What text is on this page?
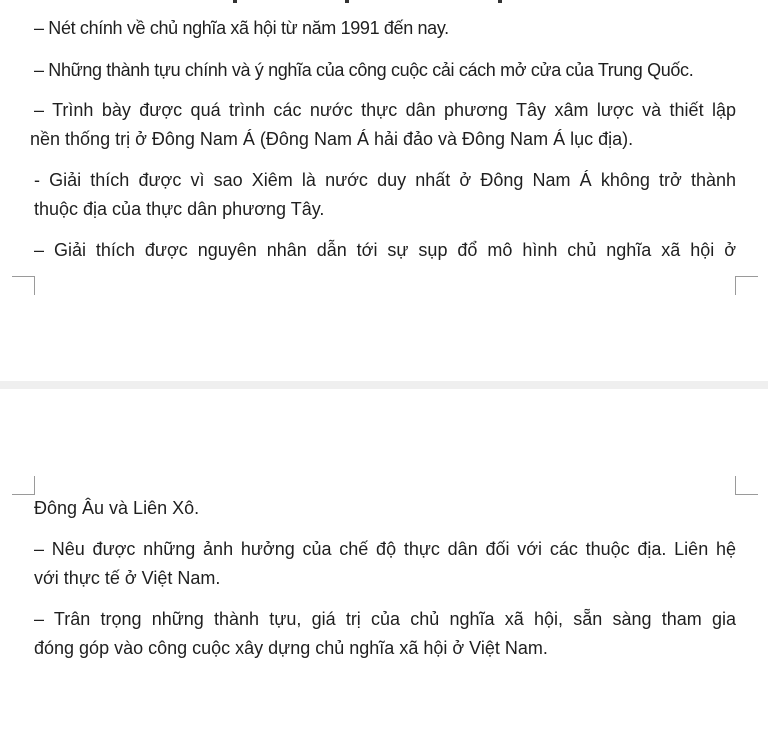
– Nét chính về chủ nghĩa xã hội từ năm 1991 đến nay.

– Những thành tựu chính và ý nghĩa của công cuộc cải cách mở cửa của Trung Quốc.

– Trình bày được quá trình các nước thực dân phương Tây xâm lược và thiết lập
nền thống trị ở Đông Nam Á (Đông Nam Á hải đảo và Đông Nam Á lục địa).

- Giải thích được vì sao Xiêm là nước duy nhất ở Đông Nam Á không trở thành
thuộc địa của thực dân phương Tây.

– Giải thích được nguyên nhân dẫn tới sự sụp đổ mô hình chủ nghĩa xã hội ở

Đông Âu và Liên Xô.

– Nêu được những ảnh hưởng của chế độ thực dân đối với các thuộc địa. Liên hệ
với thực tế ở Việt Nam.

– Trân trọng những thành tựu, giá trị của chủ nghĩa xã hội, sẵn sàng tham gia
đóng góp vào công cuộc xây dựng chủ nghĩa xã hội ở Việt Nam.
